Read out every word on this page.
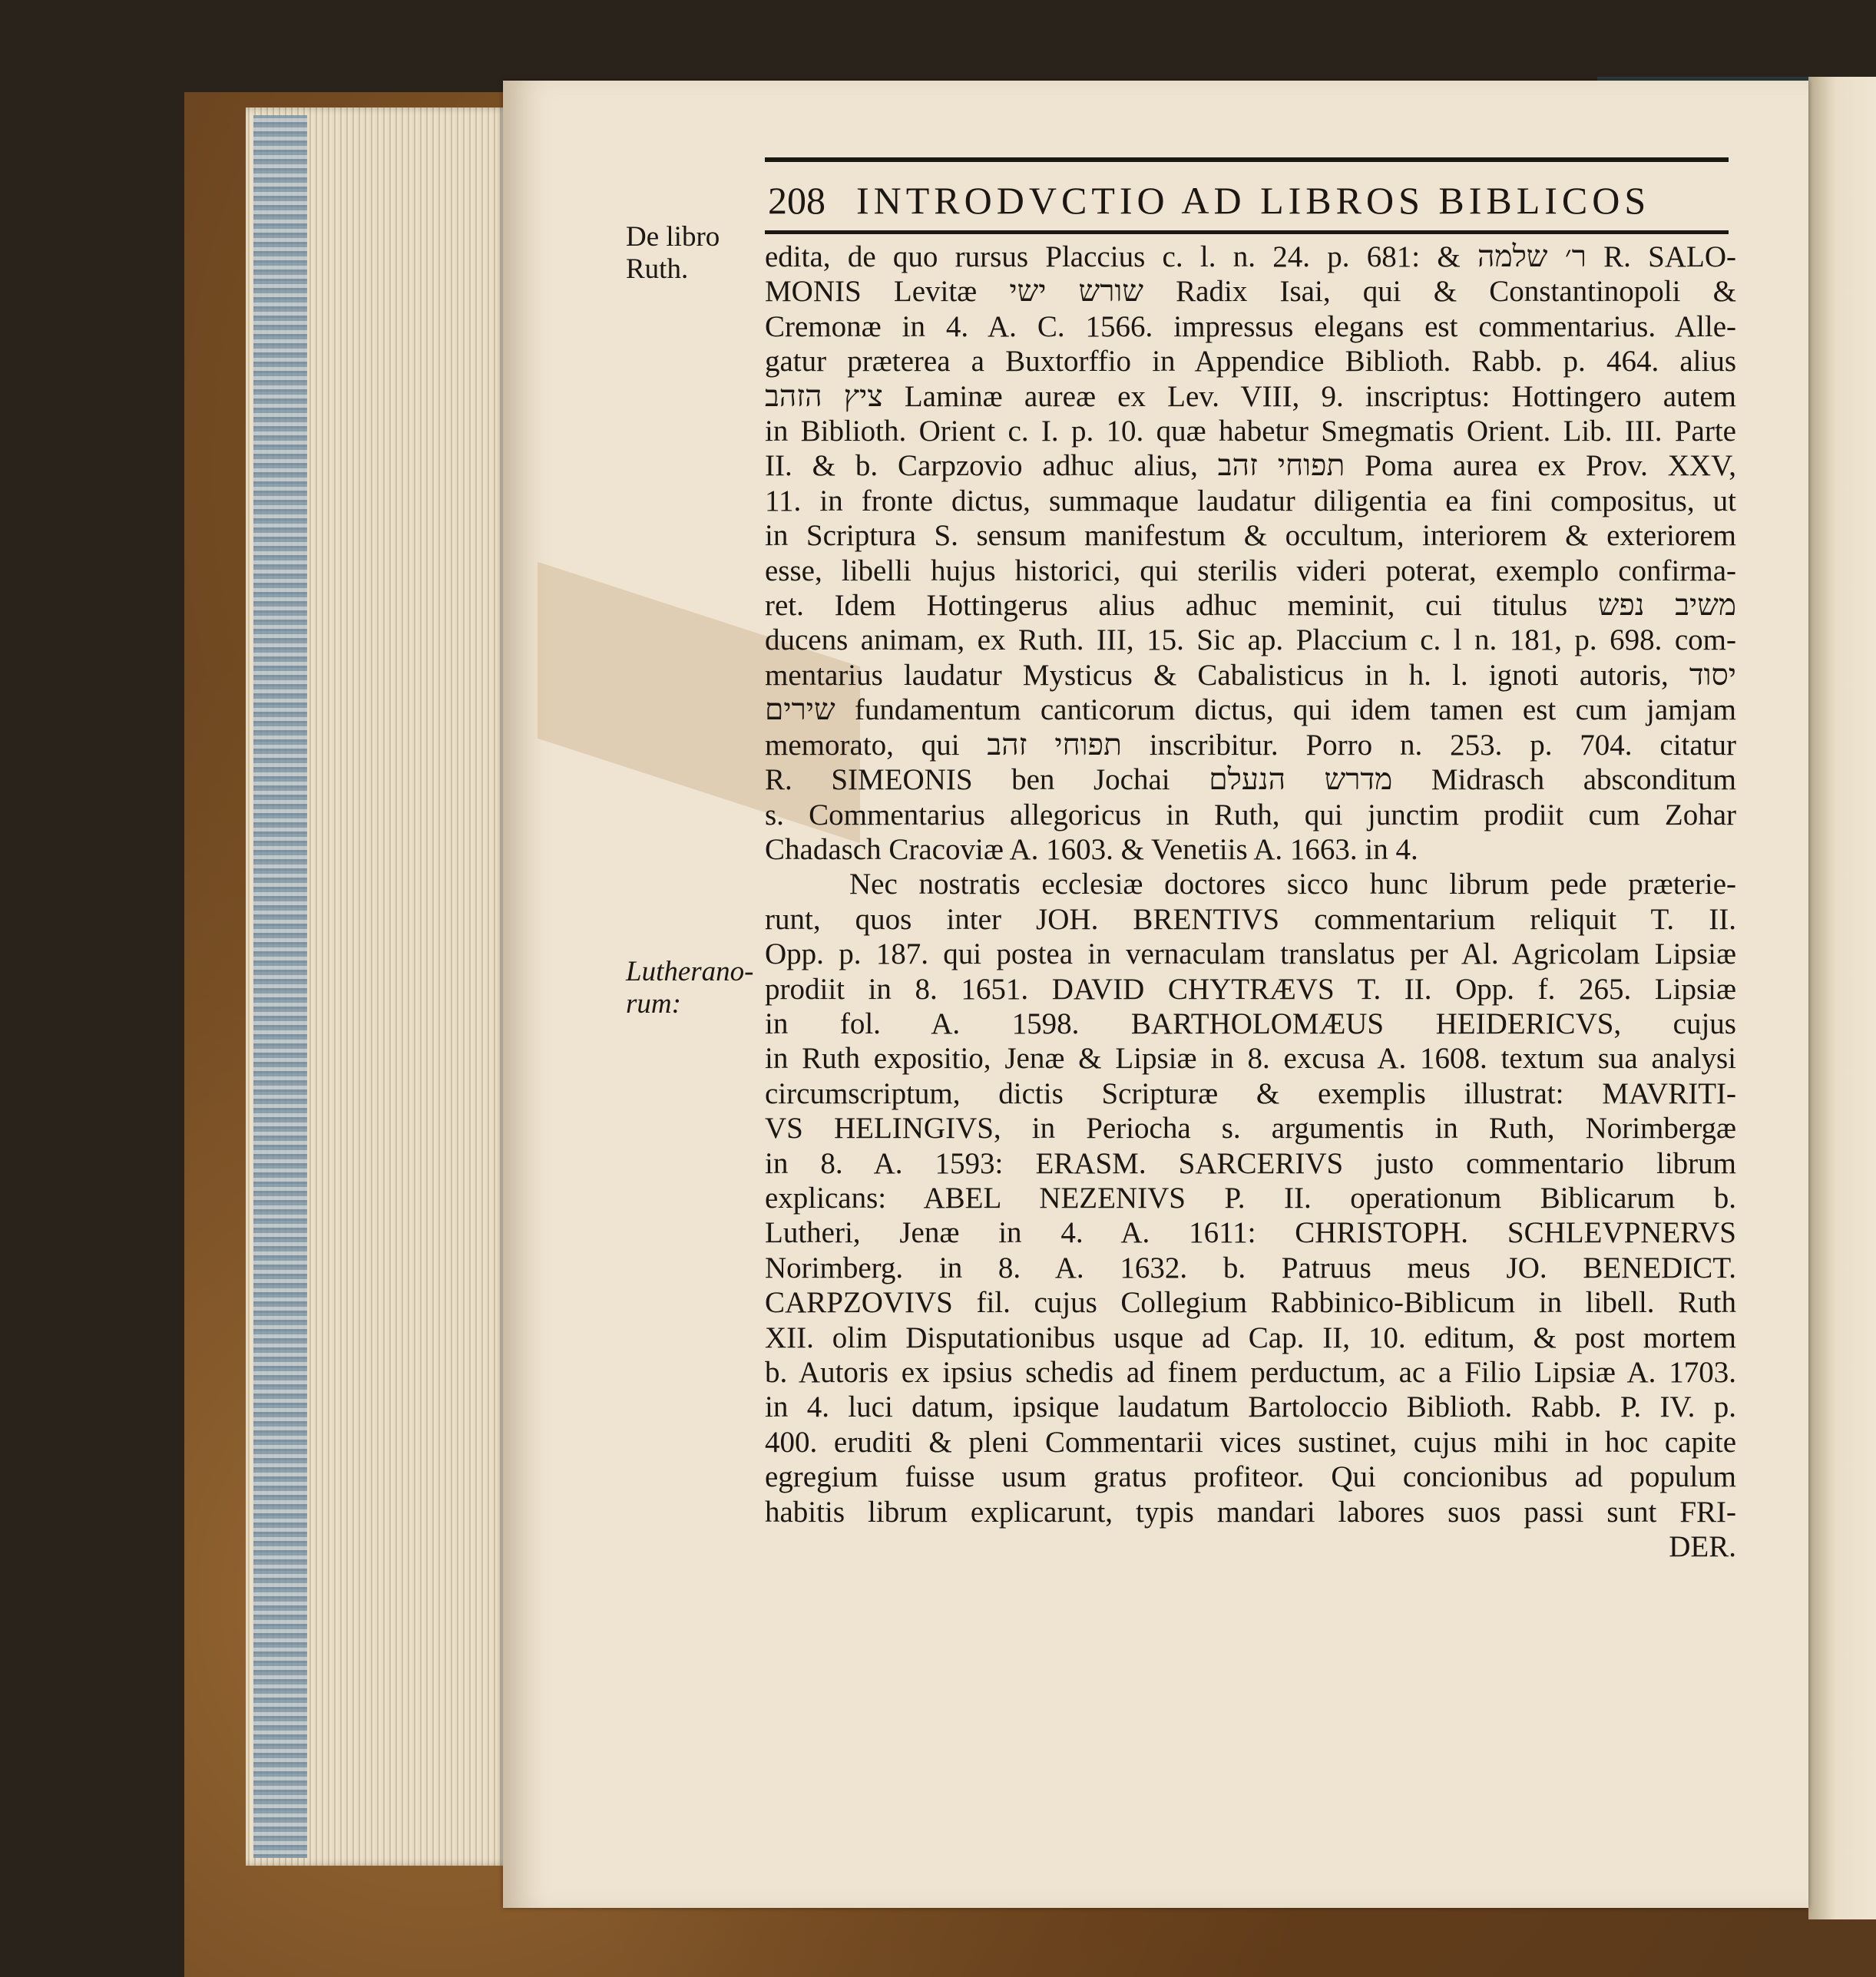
208 INTRODVCTIO AD LIBROS BIBLICOS
De libro
Ruth.
Lutherano-
rum:
edita, de quo rursus Placcius c. l. n. 24. p. 681: & ר׳ שלמה R. SALO-
MONIS Levitæ שורש ישי Radix Isai, qui & Constantinopoli &
Cremonæ in 4. A. C. 1566. impressus elegans est commentarius. Alle-
gatur præterea a Buxtorffio in Appendice Biblioth. Rabb. p. 464. alius
ציץ הזהב Laminæ aureæ ex Lev. VIII, 9. inscriptus: Hottingero autem
in Biblioth. Orient c. I. p. 10. quæ habetur Smegmatis Orient. Lib. III. Parte
II. & b. Carpzovio adhuc alius, תפוחי זהב Poma aurea ex Prov. XXV,
11. in fronte dictus, summaque laudatur diligentia ea fini compositus, ut
in Scriptura S. sensum manifestum & occultum, interiorem & exteriorem
esse, libelli hujus historici, qui sterilis videri poterat, exemplo confirma-
ret. Idem Hottingerus alius adhuc meminit, cui titulus משיב נפש
ducens animam, ex Ruth. III, 15. Sic ap. Placcium c. l n. 181, p. 698. com-
mentarius laudatur Mysticus & Cabalisticus in h. l. ignoti autoris, יסוד
שירים fundamentum canticorum dictus, qui idem tamen est cum jamjam
memorato, qui תפוחי זהב inscribitur. Porro n. 253. p. 704. citatur
R. SIMEONIS ben Jochai מדרש הנעלם Midrasch absconditum
s. Commentarius allegoricus in Ruth, qui junctim prodiit cum Zohar
Chadasch Cracoviæ A. 1603. & Venetiis A. 1663. in 4.
Nec nostratis ecclesiæ doctores sicco hunc librum pede præterie-
runt, quos inter JOH. BRENTIVS commentarium reliquit T. II.
Opp. p. 187. qui postea in vernaculam translatus per Al. Agricolam Lipsiæ
prodiit in 8. 1651. DAVID CHYTRÆVS T. II. Opp. f. 265. Lipsiæ
in fol. A. 1598. BARTHOLOMÆUS HEIDERICVS, cujus
in Ruth expositio, Jenæ & Lipsiæ in 8. excusa A. 1608. textum sua analysi
circumscriptum, dictis Scripturæ & exemplis illustrat: MAVRITI-
VS HELINGIVS, in Periocha s. argumentis in Ruth, Norimbergæ
in 8. A. 1593: ERASM. SARCERIVS justo commentario librum
explicans: ABEL NEZENIVS P. II. operationum Biblicarum b.
Lutheri, Jenæ in 4. A. 1611: CHRISTOPH. SCHLEVPNERVS
Norimberg. in 8. A. 1632. b. Patruus meus JO. BENEDICT.
CARPZOVIVS fil. cujus Collegium Rabbinico-Biblicum in libell. Ruth
XII. olim Disputationibus usque ad Cap. II, 10. editum, & post mortem
b. Autoris ex ipsius schedis ad finem perductum, ac a Filio Lipsiæ A. 1703.
in 4. luci datum, ipsique laudatum Bartoloccio Biblioth. Rabb. P. IV. p.
400. eruditi & pleni Commentarii vices sustinet, cujus mihi in hoc capite
egregium fuisse usum gratus profiteor. Qui concionibus ad populum
habitis librum explicarunt, typis mandari labores suos passi sunt FRI-
DER.
